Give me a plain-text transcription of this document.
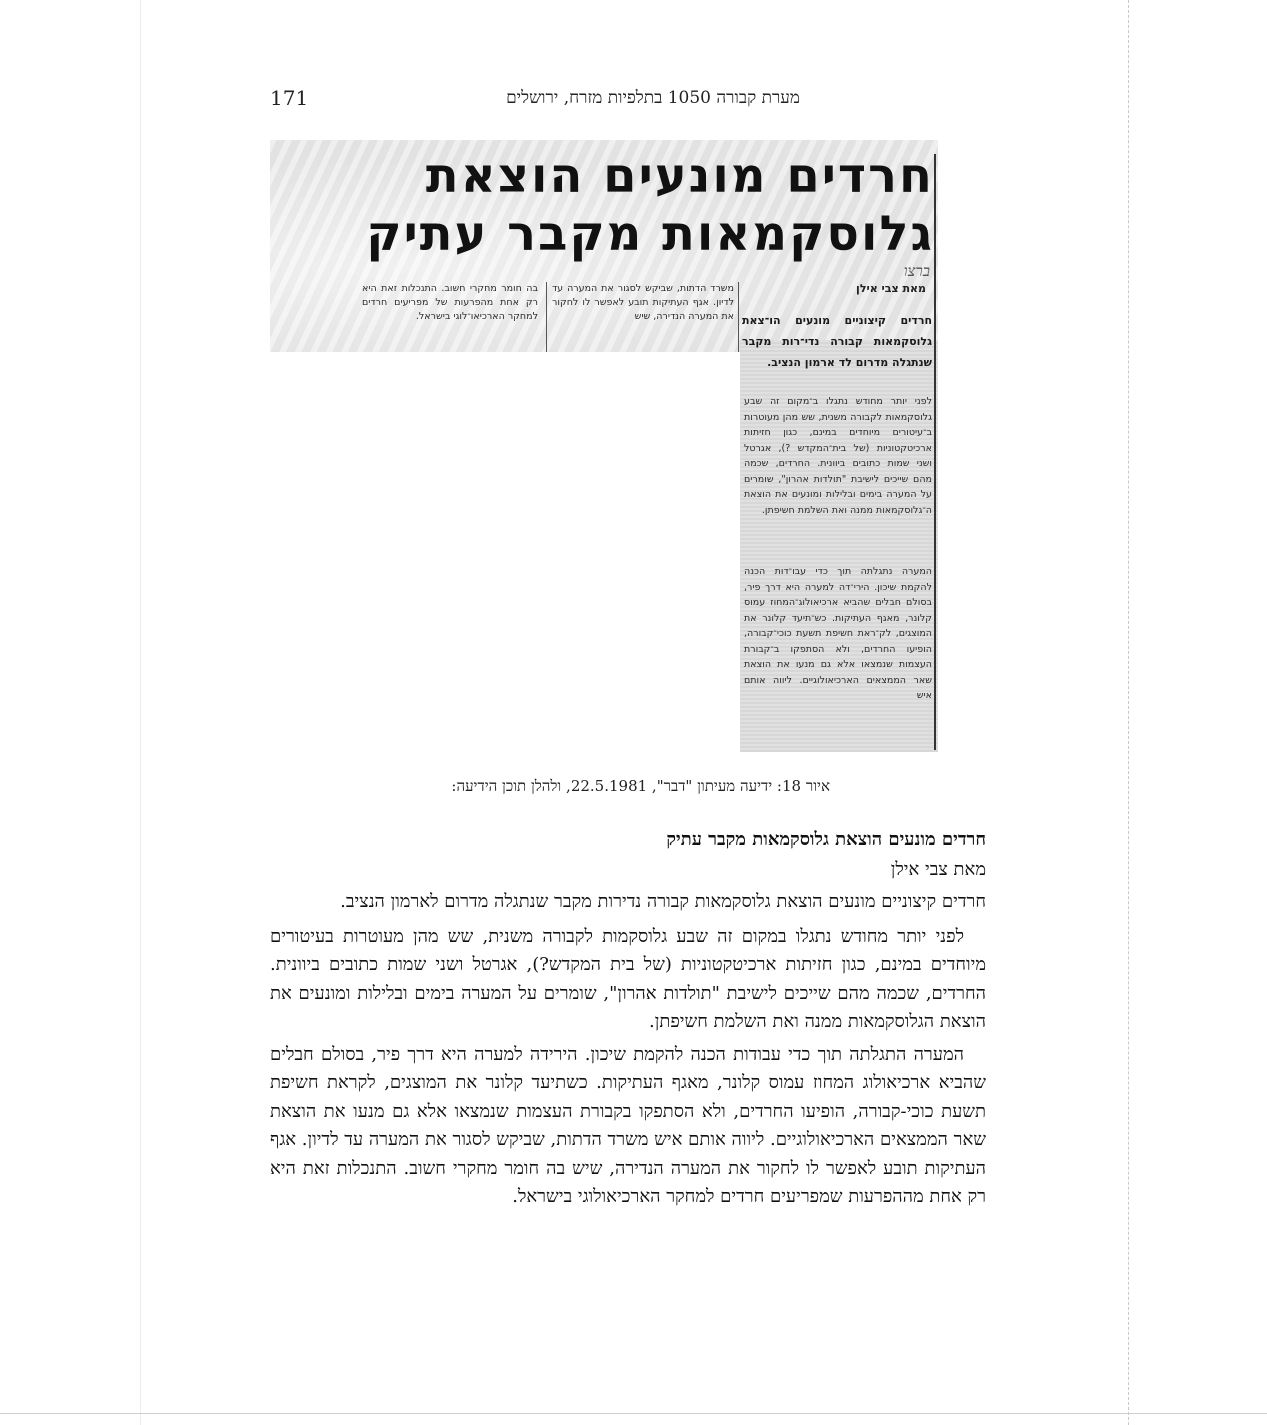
171	מערת קבורה 1050 בתלפיות מזרח, ירושלים
חרדים מונעים הוצאת
גלוסקמאות מקבר עתיק
ברצו
מאת צבי אילן
בה חומר מחקרי חשוב. התנכלות זאת היא רק אחת מהפרעות של מפריעים חרדים למחקר הארכיאו־לוגי בישראל.
משרד הדתות, שביקש לסגור את המערה עד לדיון. אגף העתיקות תובע לאפשר לו לחקור את המערה הנדירה, שיש חרדים קיצוניים מונעים הו־צאת גלוסקמאות קבורה נדי־רות מקבר שנתגלה מדרום לד ארמון הנציב.
לפני יותר מחודש נתגלו ב־מקום זה שבע גלוסקמאות לקבורה משנית, שש מהן מעוטרות ב־עיטורים מיוחדים במינם, כגון חזיתות ארכיטקטוניות (של בית־המקדש ?), אגרטל ושני שמות כתובים ביוונית. החרדים, שכמה מהם שייכים לישיבת "תולדות אהרון", שומרים על המערה בימים ובלילות ומונעים את הוצאת ה־גלוסקמאות ממנה ואת השלמת חשיפתן.
המערה נתגלתה תוך כדי עבו־דות הכנה להקמת שיכון. הירי־דה למערה היא דרך פיר, בסולם חבלים שהביא ארכיאולוג־המחוז עמוס קלונר, מאגף העתיקות. כש־תיעד קלונר את המוצגים, לק־ראת חשיפת תשעת כוכי־קבורה, הופיעו החרדים, ולא הסתפקו ב־קבורת העצמות שנמצאו אלא גם מנעו את הוצאת שאר הממצאים הארכיאולוגיים. ליווה אותם איש
איור 18: ידיעה מעיתון "דבר", 22.5.1981, ולהלן תוכן הידיעה:

חרדים מונעים הוצאת גלוסקמאות מקבר עתיק

מאת צבי אילן

חרדים קיצוניים מונעים הוצאת גלוסקמאות קבורה נדירות מקבר שנתגלה מדרום לארמון הנציב.

לפני יותר מחודש נתגלו במקום זה שבע גלוסקמות לקבורה משנית, שש מהן מעוטרות בעיטורים מיוחדים במינם, כגון חזיתות ארכיטקטוניות (של בית המקדש?), אגרטל ושני שמות כתובים ביוונית. החרדים, שכמה מהם שייכים לישיבת "תולדות אהרון", שומרים על המערה בימים ובלילות ומונעים את הוצאת הגלוסקמאות ממנה ואת השלמת חשיפתן.

המערה התגלתה תוך כדי עבודות הכנה להקמת שיכון. הירידה למערה היא דרך פיר, בסולם חבלים שהביא ארכיאולוג המחוז עמוס קלונר, מאגף העתיקות. כשתיעד קלונר את המוצגים, לקראת חשיפת תשעת כוכי-קבורה, הופיעו החרדים, ולא הסתפקו בקבורת העצמות שנמצאו אלא גם מנעו את הוצאת שאר הממצאים הארכיאולוגיים. ליווה אותם איש משרד הדתות, שביקש לסגור את המערה עד לדיון. אגף העתיקות תובע לאפשר לו לחקור את המערה הנדירה, שיש בה חומר מחקרי חשוב. התנכלות זאת היא רק אחת מההפרעות שמפריעים חרדים למחקר הארכיאולוגי בישראל.
